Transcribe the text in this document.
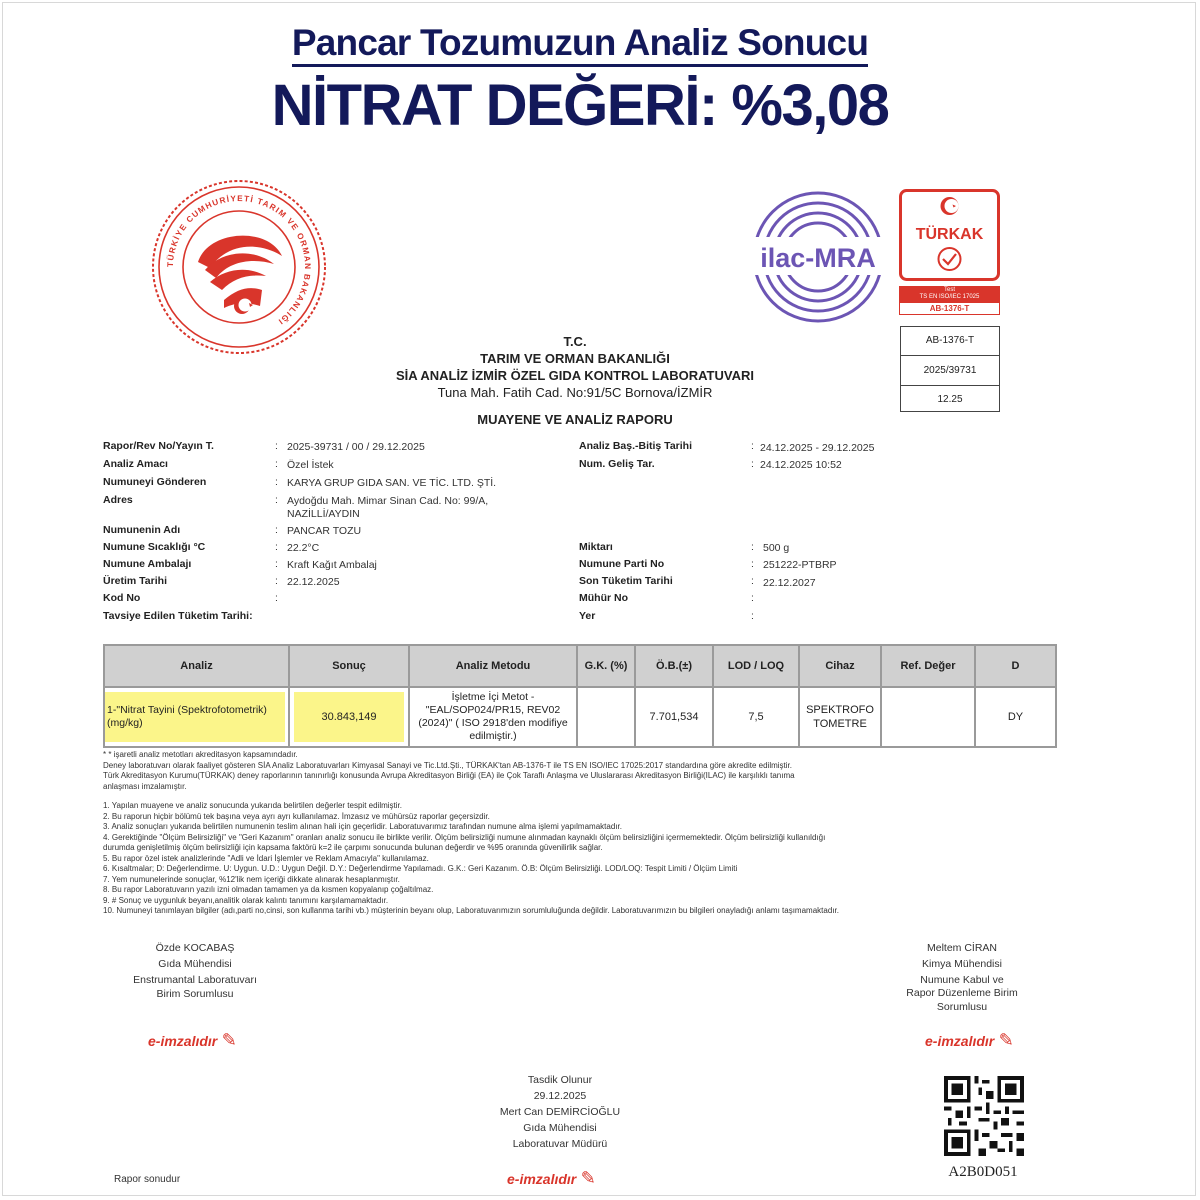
Pancar Tozumuzun Analiz Sonucu
NİTRAT DEĞERİ: %3,08
TÜRKİYE CUMHURİYETİ TARIM VE ORMAN BAKANLIĞI
ilac-MRA
TÜRKAK
Test
TS EN ISO/IEC 17025
AB-1376-T
AB-1376-T
2025/39731
12.25
T.C.
TARIM VE ORMAN BAKANLIĞI
SİA ANALİZ İZMİR ÖZEL GIDA KONTROL LABORATUVARI
Tuna Mah. Fatih Cad. No:91/5C Bornova/İZMİR
MUAYENE VE ANALİZ RAPORU
Rapor/Rev No/Yayın T.	: 2025-39731 / 00 / 29.12.2025
Analiz Amacı	: Özel İstek
Numuneyi Gönderen	: KARYA GRUP GIDA SAN. VE TİC. LTD. ŞTİ.
Adres	: Aydoğdu Mah. Mimar Sinan Cad. No: 99/A,
NAZİLLİ/AYDIN
Numunenin Adı	: PANCAR TOZU
Numune Sıcaklığı °C	: 22.2°C
Numune Ambalajı	: Kraft Kağıt Ambalaj
Üretim Tarihi	: 22.12.2025
Kod No	:
Tavsiye Edilen Tüketim Tarihi:
Analiz Baş.-Bitiş Tarihi	: 24.12.2025 - 29.12.2025
Num. Geliş Tar.	: 24.12.2025 10:52
Miktarı	: 500 g
Numune Parti No	: 251222-PTBRP
Son Tüketim Tarihi	: 22.12.2027
Mühür No	:
Yer	:
Analiz	Sonuç	Analiz Metodu	G.K. (%)	Ö.B.(±)	LOD / LOQ	Cihaz	Ref. Değer	D
1-"Nitrat Tayini (Spektrofotometrik) (mg/kg)	30.843,149	İşletme İçi Metot - "EAL/SOP024/PR15, REV02 (2024)" ( ISO 2918'den modifiye edilmiştir.)		7.701,534	7,5	SPEKTROFO TOMETRE		DY
* * işaretli analiz metotları akreditasyon kapsamındadır.
Deney laboratuvarı olarak faaliyet gösteren SİA Analiz Laboratuvarları Kimyasal Sanayi ve Tic.Ltd.Şti., TÜRKAK'tan AB-1376-T ile TS EN ISO/IEC 17025:2017 standardına göre akredite edilmiştir.
Türk Akreditasyon Kurumu(TÜRKAK) deney raporlarının tanınırlığı konusunda Avrupa Akreditasyon Birliği (EA) ile Çok Taraflı Anlaşma ve Uluslararası Akreditasyon Birliği(ILAC) ile karşılıklı tanıma
anlaşması imzalamıştır.
1. Yapılan muayene ve analiz sonucunda yukarıda belirtilen değerler tespit edilmiştir.
2. Bu raporun hiçbir bölümü tek başına veya ayrı ayrı kullanılamaz. İmzasız ve mühürsüz raporlar geçersizdir.
3. Analiz sonuçları yukarıda belirtilen numunenin teslim alınan hali için geçerlidir. Laboratuvarımız tarafından numune alma işlemi yapılmamaktadır.
4. Gerektiğinde "Ölçüm Belirsizliği" ve "Geri Kazanım" oranları analiz sonucu ile birlikte verilir. Ölçüm belirsizliği numune alınmadan kaynaklı ölçüm belirsizliğini içermemektedir. Ölçüm belirsizliği kullanıldığı
durumda genişletilmiş ölçüm belirsizliği için kapsama faktörü k=2 ile çarpımı sonucunda bulunan değerdir ve %95 oranında güvenilirlik sağlar.
5. Bu rapor özel istek analizlerinde "Adli ve İdari İşlemler ve Reklam Amacıyla" kullanılamaz.
6. Kısaltmalar; D: Değerlendirme. U: Uygun. U.D.: Uygun Değil. D.Y.: Değerlendirme Yapılamadı. G.K.: Geri Kazanım. Ö.B: Ölçüm Belirsizliği. LOD/LOQ: Tespit Limiti / Ölçüm Limiti
7. Yem numunelerinde sonuçlar, %12'lik nem içeriği dikkate alınarak hesaplanmıştır.
8. Bu rapor Laboratuvarın yazılı izni olmadan tamamen ya da kısmen kopyalanıp çoğaltılmaz.
9. # Sonuç ve uygunluk beyanı,analitik olarak kalıntı tanımını karşılamamaktadır.
10. Numuneyi tanımlayan bilgiler (adı,parti no,cinsi, son kullanma tarihi vb.) müşterinin beyanı olup, Laboratuvarımızın sorumluluğunda değildir. Laboratuvarımızın bu bilgileri onayladığı anlamı taşımamaktadır.
Özde KOCABAŞ
Gıda Mühendisi
Enstrumantal Laboratuvarı
Birim Sorumlusu
e-imzalıdır ✎
Meltem CİRAN
Kimya Mühendisi
Numune Kabul ve
Rapor Düzenleme Birim
Sorumlusu
e-imzalıdır ✎
Tasdik Olunur
29.12.2025
Mert Can DEMİRCİOĞLU
Gıda Mühendisi
Laboratuvar Müdürü
e-imzalıdır ✎
Rapor sonudur	A2B0D051
